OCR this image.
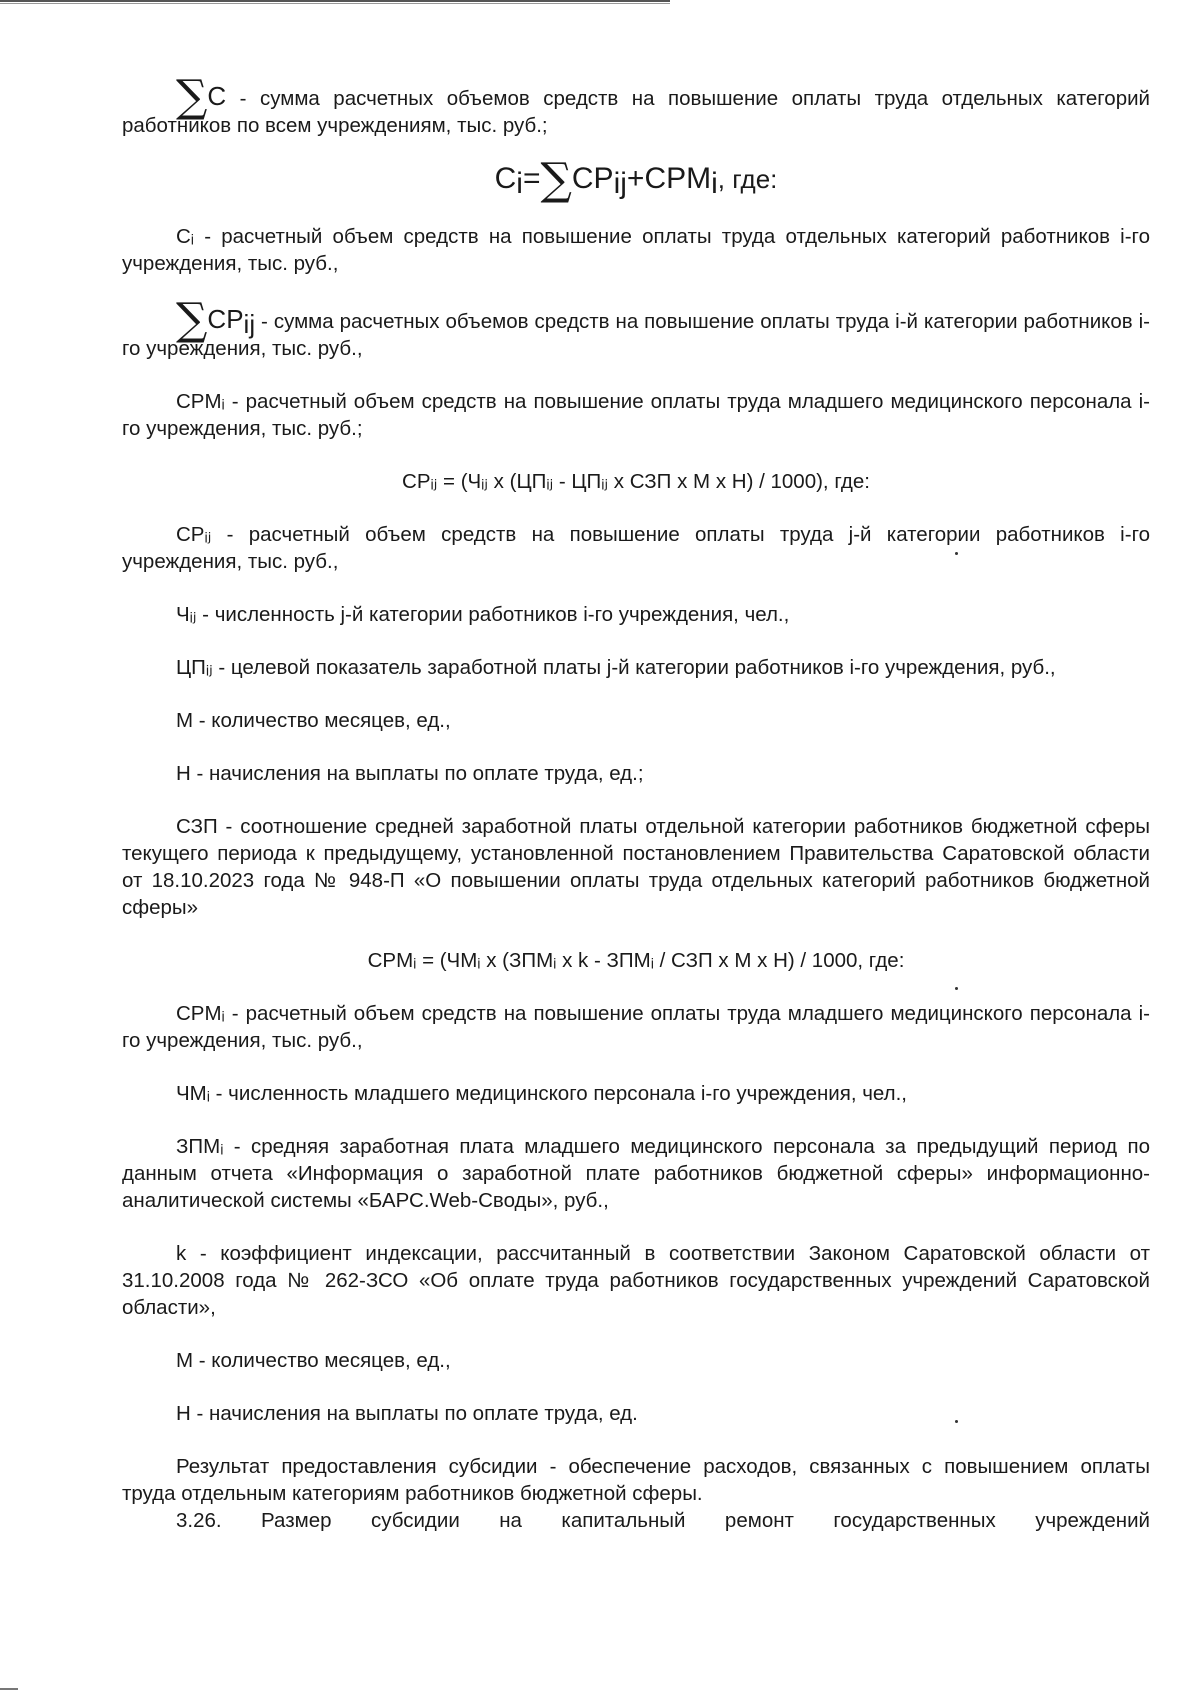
∑C - сумма расчетных объемов средств на повышение оплаты труда отдельных категорий работников по всем учреждениям, тыс. руб.;

$C_i=\sum CP_{ij}+CPM_i$, где:

Cᵢ - расчетный объем средств на повышение оплаты труда отдельных категорий работников i-го учреждения, тыс. руб.,

$\sum CP_{ij}$ - сумма расчетных объемов средств на повышение оплаты труда i-й категории работников i-го учреждения, тыс. руб.,

CPMᵢ - расчетный объем средств на повышение оплаты труда младшего медицинского персонала i-го учреждения, тыс. руб.;

CPᵢⱼ = (Чᵢⱼ х (ЦПᵢⱼ - ЦПᵢⱼ х СЗП х М х Н) / 1000), где:

CPᵢⱼ - расчетный объем средств на повышение оплаты труда j-й категории работников i-го учреждения, тыс. руб.,

Чᵢⱼ - численность j-й категории работников i-го учреждения, чел.,

ЦПᵢⱼ - целевой показатель заработной платы j-й категории работников i-го учреждения, руб.,

М - количество месяцев, ед.,

Н - начисления на выплаты по оплате труда, ед.;

СЗП - соотношение средней заработной платы отдельной категории работников бюджетной сферы текущего периода к предыдущему, установленной постановлением Правительства Саратовской области от 18.10.2023 года № 948-П «О повышении оплаты труда отдельных категорий работников бюджетной сферы»

CPMᵢ = (ЧМᵢ х (ЗПМᵢ х k - ЗПМᵢ / СЗП х М х Н) / 1000, где:

CPMᵢ - расчетный объем средств на повышение оплаты труда младшего медицинского персонала i-го учреждения, тыс. руб.,

ЧМᵢ - численность младшего медицинского персонала i-го учреждения, чел.,

ЗПМᵢ - средняя заработная плата младшего медицинского персонала за предыдущий период по данным отчета «Информация о заработной плате работников бюджетной сферы» информационно-аналитической системы «БАРС.Web-Своды», руб.,

k - коэффициент индексации, рассчитанный в соответствии Законом Саратовской области от 31.10.2008 года № 262-ЗСО «Об оплате труда работников государственных учреждений Саратовской области»,

М - количество месяцев, ед.,

Н - начисления на выплаты по оплате труда, ед.

Результат предоставления субсидии - обеспечение расходов, связанных с повышением оплаты труда отдельным категориям работников бюджетной сферы.

3.26. Размер субсидии на капитальный ремонт государственных учреждений
